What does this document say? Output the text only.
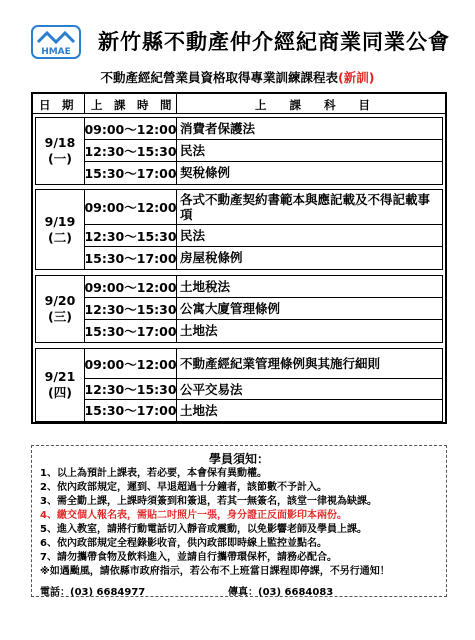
HMAE 新竹縣不動產仲介經紀商業同業公會
不動產經紀營業員資格取得專業訓練課程表(新訓)
日　期 上　課　時　間	上　　課　　科　　目
9/18
(一)
09:00～12:00
12:30～15:30
15:30～17:00
消費者保護法
民法
契稅條例
9/19
(二)
09:00～12:00
12:30～15:30
15:30～17:00
各式不動產契約書範本與應記載及不得記載事項
民法
房屋稅條例
9/20
(三)
09:00～12:00
12:30～15:30
15:30～17:00
土地稅法
公寓大廈管理條例
土地法
9/21
(四)
09:00～12:00
12:30～15:30
15:30～17:00
不動產經紀業管理條例與其施行細則
公平交易法
土地法
學員須知：
1、以上為預計上課表，若必要，本會保有異動權。
2、依內政部規定，遲到、早退超過十分鐘者，該節數不予計入。
3、需全勤上課，上課時須簽到和簽退，若其一無簽名，該堂一律視為缺課。
4、繳交個人報名表，需貼二吋照片一張，身分證正反面影印本兩份。
5、進入教室，請將行動電話切入靜音或震動，以免影響老師及學員上課。
6、依內政部規定全程錄影收音，供內政部即時線上監控並點名。
7、請勿攜帶食物及飲料進入，並請自行攜帶環保杯，請務必配合。
※如遇颱風，請依縣市政府指示，若公布不上班當日課程即停課，不另行通知！
電話：(03) 6684977	傳真：(03) 6684083
